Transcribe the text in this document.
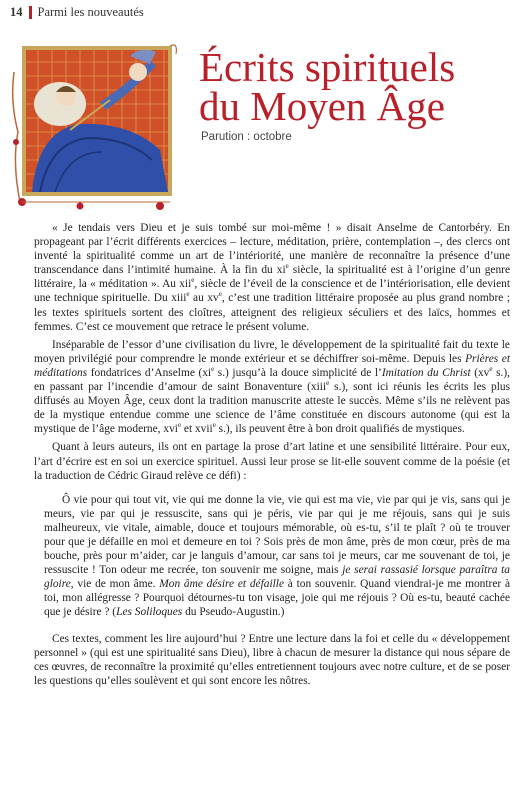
14 Parmi les nouveautés
Écrits spirituels
du Moyen Âge
Parution : octobre

« Je tendais vers Dieu et je suis tombé sur moi-même ! » disait Anselme de Cantorbéry. En propageant par l’écrit différents exercices – lecture, méditation, prière, contemplation –, des clercs ont inventé la spiritualité comme un art de l’intériorité, une manière de reconnaître la présence d’une transcendance dans l’intimité humaine. À la fin du $xi^e$ siècle, la spiritualité est à l’origine d’un genre littéraire, la « méditation ». Au xii$^e$, siècle de l’éveil de la conscience et de l’intériorisation, elle devient une technique spirituelle. Du xiii$^e$ au $xv^e$, c’est une tradition littéraire proposée au plus grand nombre ; les textes spirituels sortent des cloîtres, atteignent des religieux séculiers et des laïcs, hommes et femmes. C’est ce mouvement que retrace le présent volume.

Inséparable de l’essor d’une civilisation du livre, le développement de la spiritualité fait du texte le moyen privilégié pour comprendre le monde extérieur et se déchiffrer soi-même. Depuis les Prières et méditations fondatrices d’Anselme ($xi^e$ s.) jusqu’à la douce simplicité de l’Imitation du Christ ($xv^e$ s.), en passant par l’incendie d’amour de saint Bonaventure (xiii$^e$ s.), sont ici réunis les écrits les plus diffusés au Moyen Âge, ceux dont la tradition manuscrite atteste le succès. Même s’ils ne relèvent pas de la mystique entendue comme une science de l’âme constituée en discours autonome (qui est la mystique de l’âge moderne, xvi$^e$ et xvii$^e$ s.), ils peuvent être à bon droit qualifiés de mystiques.

Quant à leurs auteurs, ils ont en partage la prose d’art latine et une sensibilité littéraire. Pour eux, l’art d’écrire est en soi un exercice spirituel. Aussi leur prose se lit-elle souvent comme de la poésie (et la traduction de Cédric Giraud relève ce défi) :

Ô vie pour qui tout vit, vie qui me donne la vie, vie qui est ma vie, vie par qui je vis, sans qui je meurs, vie par qui je ressuscite, sans qui je péris, vie par qui je me réjouis, sans qui je suis malheureux, vie vitale, aimable, douce et toujours mémorable, où es-tu, s’il te plaît ? où te trouver pour que je défaille en moi et demeure en toi ? Sois près de mon âme, près de mon cœur, près de ma bouche, près pour m’aider, car je languis d’amour, car sans toi je meurs, car me souvenant de toi, je ressuscite ! Ton odeur me recrée, ton souvenir me soigne, mais je serai rassasié lorsque paraîtra ta gloire, vie de mon âme. Mon âme désire et défaille à ton souvenir. Quand viendrai-je me montrer à toi, mon allégresse ? Pourquoi détournes-tu ton visage, joie qui me réjouis ? Où es-tu, beauté cachée que je désire ? (Les Soliloques du Pseudo-Augustin.)

Ces textes, comment les lire aujourd’hui ? Entre une lecture dans la foi et celle du « développement personnel » (qui est une spiritualité sans Dieu), libre à chacun de mesurer la distance qui nous sépare de ces œuvres, de reconnaître la proximité qu’elles entretiennent toujours avec notre culture, et de se poser les questions qu’elles soulèvent et qui sont encore les nôtres.
